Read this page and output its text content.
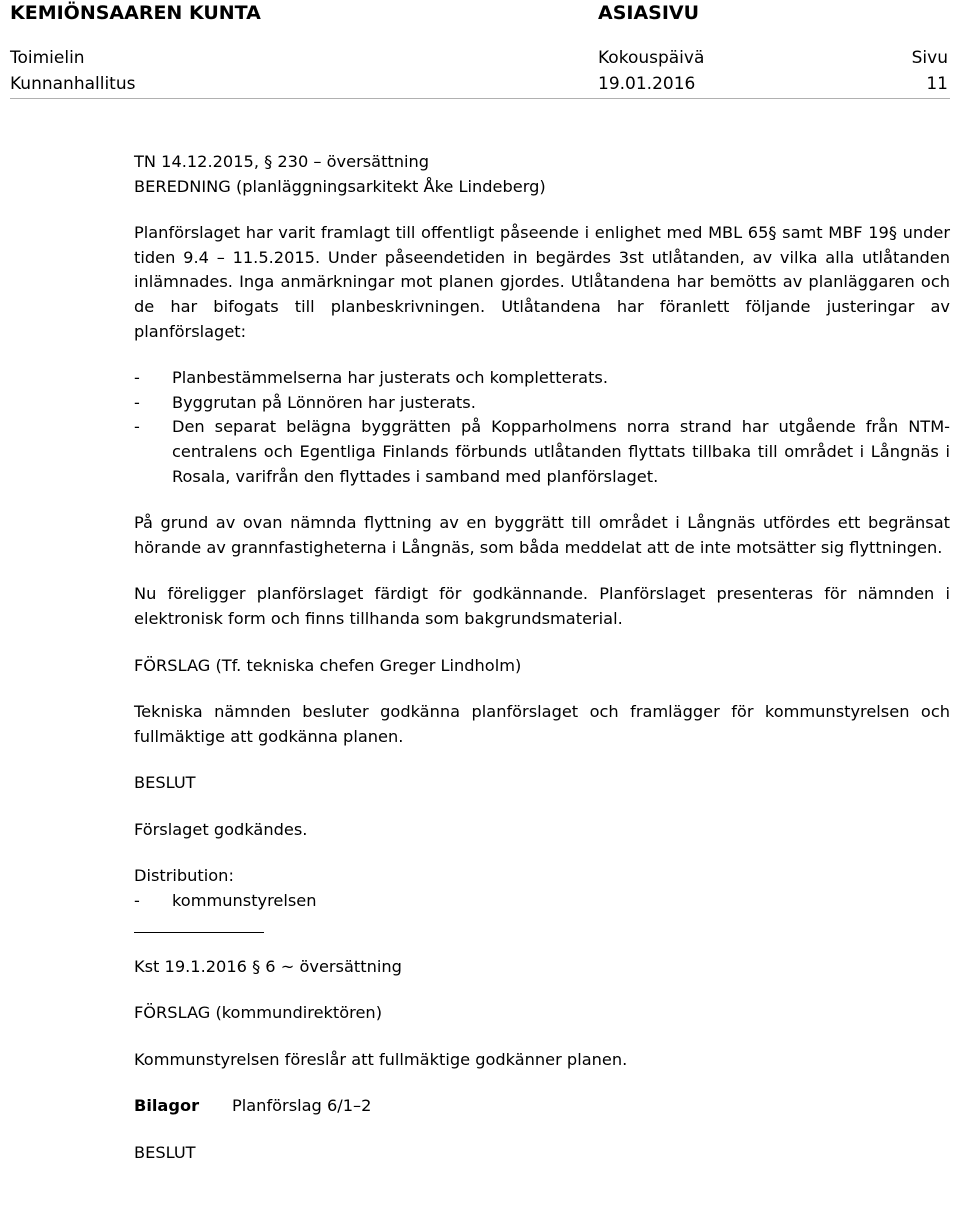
KEMIÖNSAAREN KUNTA	ASIASIVU
Toimielin	Kokouspäivä	Sivu
Kunnanhallitus	19.01.2016	11

TN 14.12.2015, § 230 – översättning

BEREDNING (planläggningsarkitekt Åke Lindeberg)

Planförslaget har varit framlagt till offentligt påseende i enlighet med MBL 65§ samt MBF 19§ under tiden 9.4 – 11.5.2015. Under påseendetiden in begärdes 3st utlåtanden, av vilka alla utlåtanden inlämnades. Inga anmärkningar mot planen gjordes. Utlåtandena har bemötts av planläggaren och de har bifogats till planbeskrivningen. Utlåtandena har föranlett följande justeringar av planförslaget:

- Planbestämmelserna har justerats och kompletterats.

- Byggrutan på Lönnören har justerats.

- Den separat belägna byggrätten på Kopparholmens norra strand har utgående från NTM-centralens och Egentliga Finlands förbunds utlåtanden flyttats tillbaka till området i Långnäs i Rosala, varifrån den flyttades i samband med planförslaget.

På grund av ovan nämnda flyttning av en byggrätt till området i Långnäs utfördes ett begränsat hörande av grannfastigheterna i Långnäs, som båda meddelat att de inte motsätter sig flyttningen.

Nu föreligger planförslaget färdigt för godkännande. Planförslaget presenteras för nämnden i elektronisk form och finns tillhanda som bakgrundsmaterial.

FÖRSLAG (Tf. tekniska chefen Greger Lindholm)

Tekniska nämnden besluter godkänna planförslaget och framlägger för kommunstyrelsen och fullmäktige att godkänna planen.

BESLUT

Förslaget godkändes.

Distribution:

- kommunstyrelsen

Kst 19.1.2016 § 6 ~ översättning

FÖRSLAG (kommundirektören)

Kommunstyrelsen föreslår att fullmäktige godkänner planen.

Bilagor	Planförslag 6/1–2

BESLUT
